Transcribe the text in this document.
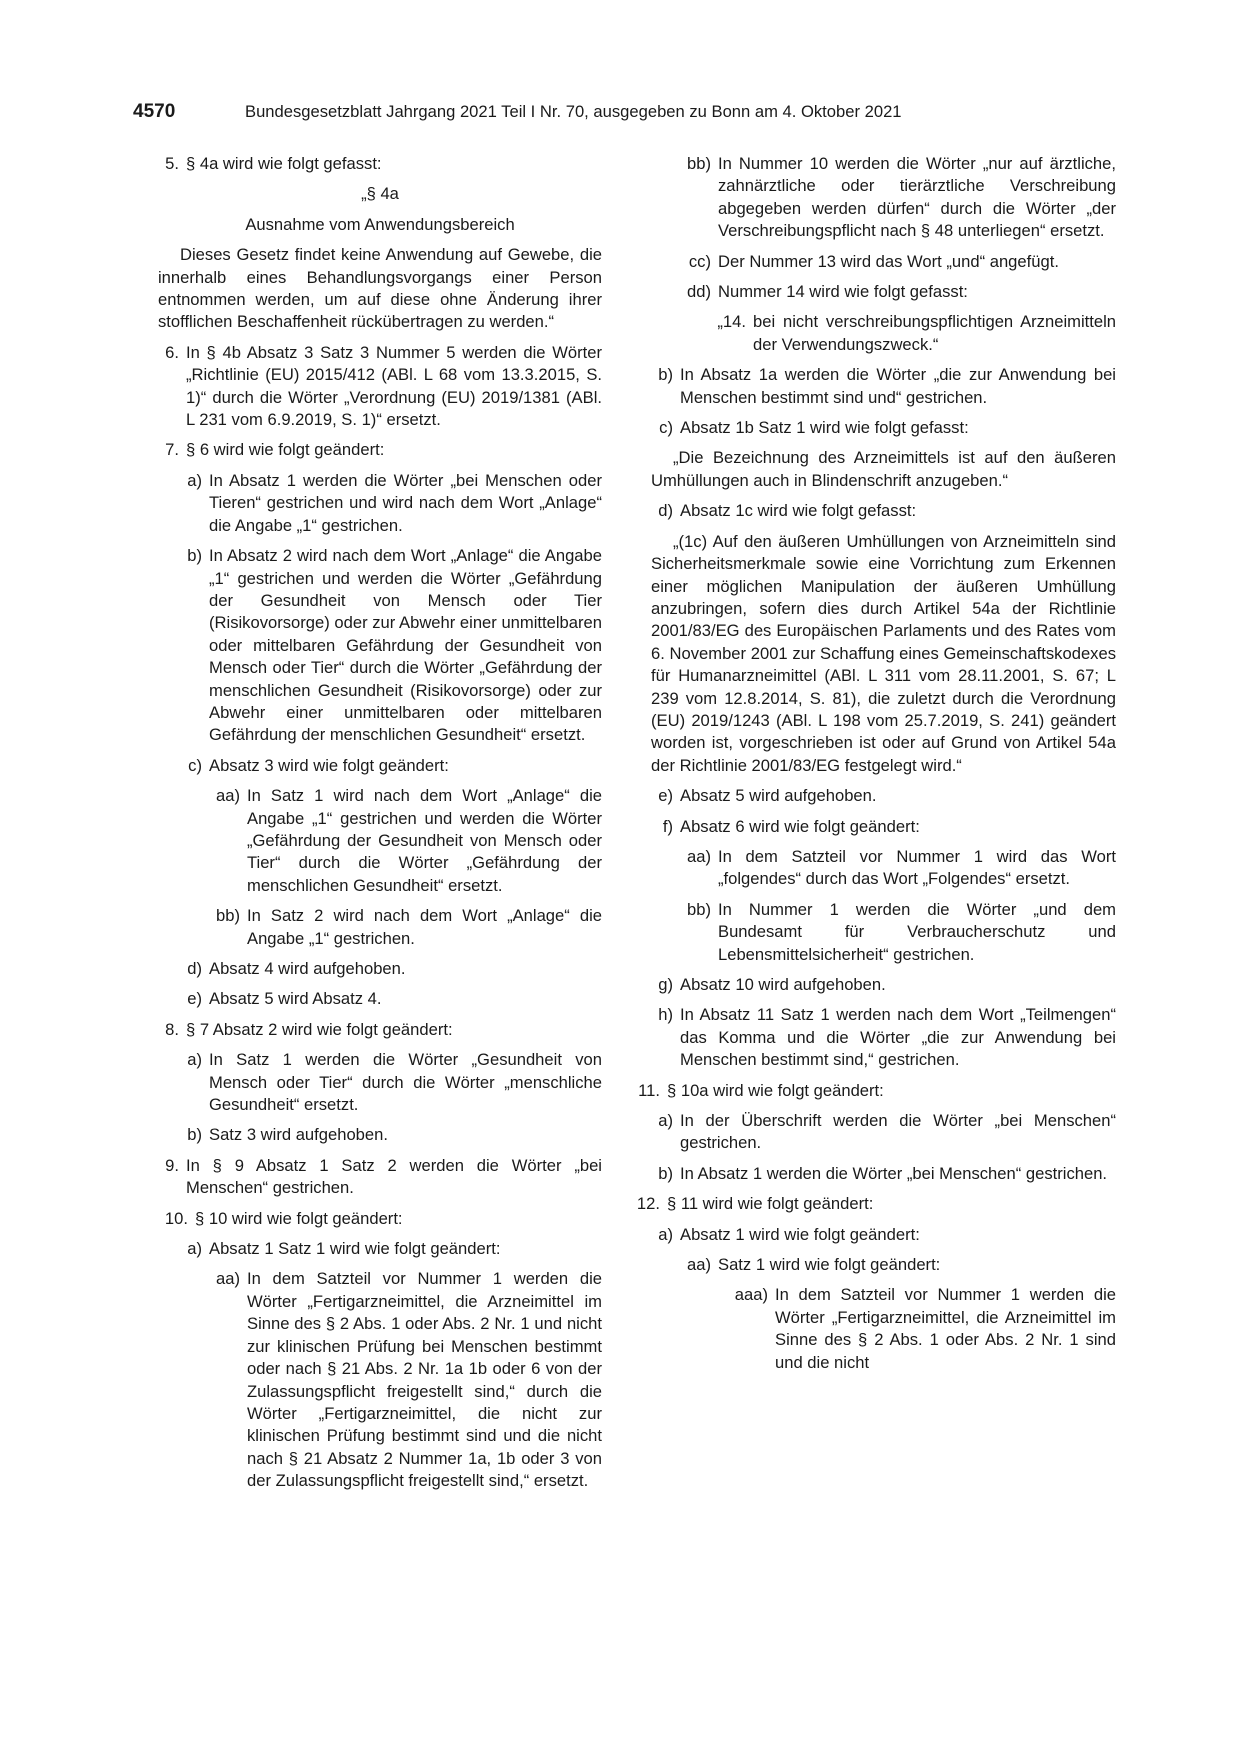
4570	Bundesgesetzblatt Jahrgang 2021 Teil I Nr. 70, ausgegeben zu Bonn am 4. Oktober 2021
5. § 4a wird wie folgt gefasst:
„§ 4a
Ausnahme vom Anwendungsbereich
Dieses Gesetz findet keine Anwendung auf Gewebe, die innerhalb eines Behandlungsvorgangs einer Person entnommen werden, um auf diese ohne Änderung ihrer stofflichen Beschaffenheit rückübertragen zu werden.“
6. In § 4b Absatz 3 Satz 3 Nummer 5 werden die Wörter „Richtlinie (EU) 2015/412 (ABl. L 68 vom 13.3.2015, S. 1)“ durch die Wörter „Verordnung (EU) 2019/1381 (ABl. L 231 vom 6.9.2019, S. 1)“ ersetzt.
7. § 6 wird wie folgt geändert:
a) In Absatz 1 werden die Wörter „bei Menschen oder Tieren“ gestrichen und wird nach dem Wort „Anlage“ die Angabe „1“ gestrichen.
b) In Absatz 2 wird nach dem Wort „Anlage“ die Angabe „1“ gestrichen und werden die Wörter „Gefährdung der Gesundheit von Mensch oder Tier (Risikovorsorge) oder zur Abwehr einer unmittelbaren oder mittelbaren Gefährdung der Gesundheit von Mensch oder Tier“ durch die Wörter „Gefährdung der menschlichen Gesundheit (Risikovorsorge) oder zur Abwehr einer unmittelbaren oder mittelbaren Gefährdung der menschlichen Gesundheit“ ersetzt.
c) Absatz 3 wird wie folgt geändert:
aa) In Satz 1 wird nach dem Wort „Anlage“ die Angabe „1“ gestrichen und werden die Wörter „Gefährdung der Gesundheit von Mensch oder Tier“ durch die Wörter „Gefährdung der menschlichen Gesundheit“ ersetzt.
bb) In Satz 2 wird nach dem Wort „Anlage“ die Angabe „1“ gestrichen.
d) Absatz 4 wird aufgehoben.
e) Absatz 5 wird Absatz 4.
8. § 7 Absatz 2 wird wie folgt geändert:
a) In Satz 1 werden die Wörter „Gesundheit von Mensch oder Tier“ durch die Wörter „menschliche Gesundheit“ ersetzt.
b) Satz 3 wird aufgehoben.
9. In § 9 Absatz 1 Satz 2 werden die Wörter „bei Menschen“ gestrichen.
10. § 10 wird wie folgt geändert:
a) Absatz 1 Satz 1 wird wie folgt geändert:
aa) In dem Satzteil vor Nummer 1 werden die Wörter „Fertigarzneimittel, die Arzneimittel im Sinne des § 2 Abs. 1 oder Abs. 2 Nr. 1 und nicht zur klinischen Prüfung bei Menschen bestimmt oder nach § 21 Abs. 2 Nr. 1a 1b oder 6 von der Zulassungspflicht freigestellt sind,“ durch die Wörter „Fertigarzneimittel, die nicht zur klinischen Prüfung bestimmt sind und die nicht nach § 21 Absatz 2 Nummer 1a, 1b oder 3 von der Zulassungspflicht freigestellt sind,“ ersetzt.
bb) In Nummer 10 werden die Wörter „nur auf ärztliche, zahnärztliche oder tierärztliche Verschreibung abgegeben werden dürfen“ durch die Wörter „der Verschreibungspflicht nach § 48 unterliegen“ ersetzt.
cc) Der Nummer 13 wird das Wort „und“ angefügt.
dd) Nummer 14 wird wie folgt gefasst:
„14. bei nicht verschreibungspflichtigen Arzneimitteln der Verwendungszweck.“
b) In Absatz 1a werden die Wörter „die zur Anwendung bei Menschen bestimmt sind und“ gestrichen.
c) Absatz 1b Satz 1 wird wie folgt gefasst:
„Die Bezeichnung des Arzneimittels ist auf den äußeren Umhüllungen auch in Blindenschrift anzugeben.“
d) Absatz 1c wird wie folgt gefasst:
„(1c) Auf den äußeren Umhüllungen von Arzneimitteln sind Sicherheitsmerkmale sowie eine Vorrichtung zum Erkennen einer möglichen Manipulation der äußeren Umhüllung anzubringen, sofern dies durch Artikel 54a der Richtlinie 2001/83/EG des Europäischen Parlaments und des Rates vom 6. November 2001 zur Schaffung eines Gemeinschaftskodexes für Humanarzneimittel (ABl. L 311 vom 28.11.2001, S. 67; L 239 vom 12.8.2014, S. 81), die zuletzt durch die Verordnung (EU) 2019/1243 (ABl. L 198 vom 25.7.2019, S. 241) geändert worden ist, vorgeschrieben ist oder auf Grund von Artikel 54a der Richtlinie 2001/83/EG festgelegt wird.“
e) Absatz 5 wird aufgehoben.
f) Absatz 6 wird wie folgt geändert:
aa) In dem Satzteil vor Nummer 1 wird das Wort „folgendes“ durch das Wort „Folgendes“ ersetzt.
bb) In Nummer 1 werden die Wörter „und dem Bundesamt für Verbraucherschutz und Lebensmittelsicherheit“ gestrichen.
g) Absatz 10 wird aufgehoben.
h) In Absatz 11 Satz 1 werden nach dem Wort „Teilmengen“ das Komma und die Wörter „die zur Anwendung bei Menschen bestimmt sind,“ gestrichen.
11. § 10a wird wie folgt geändert:
a) In der Überschrift werden die Wörter „bei Menschen“ gestrichen.
b) In Absatz 1 werden die Wörter „bei Menschen“ gestrichen.
12. § 11 wird wie folgt geändert:
a) Absatz 1 wird wie folgt geändert:
aa) Satz 1 wird wie folgt geändert:
aaa) In dem Satzteil vor Nummer 1 werden die Wörter „Fertigarzneimittel, die Arzneimittel im Sinne des § 2 Abs. 1 oder Abs. 2 Nr. 1 sind und die nicht
